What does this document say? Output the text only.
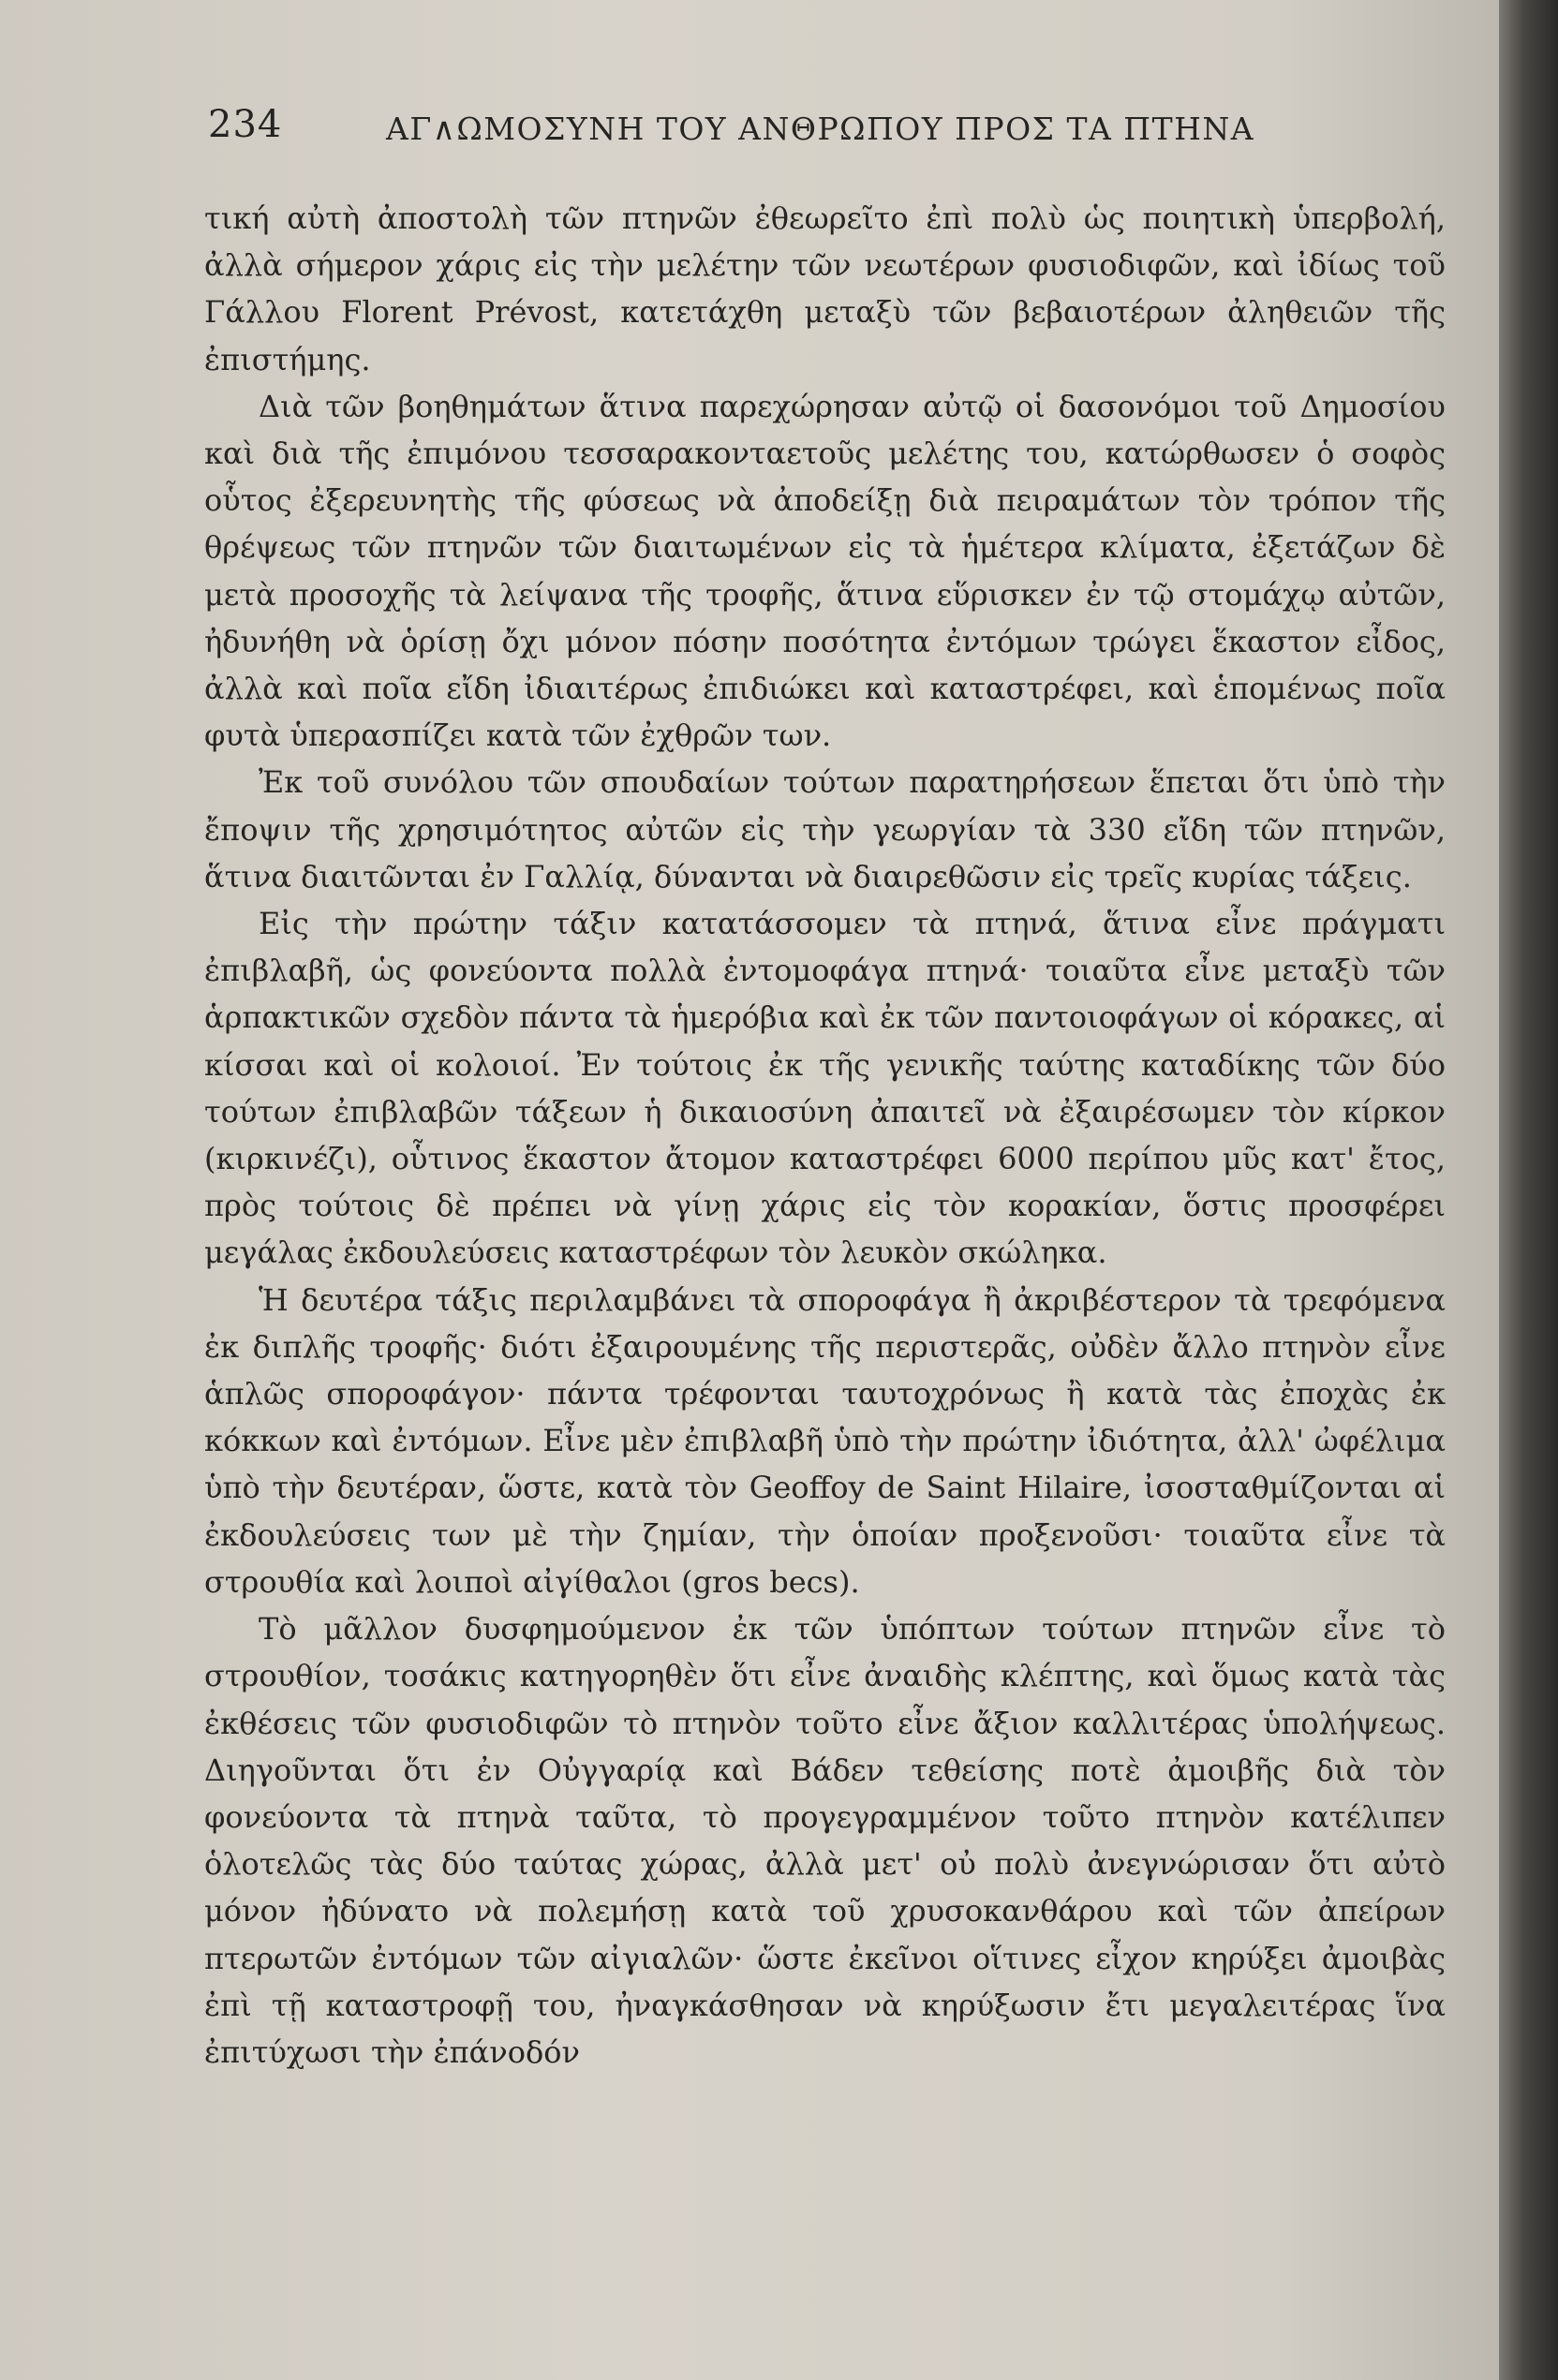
234	ΑΓ∧ΩΜΟΣΥΝΗ ΤΟΥ ΑΝΘΡΩΠΟΥ ΠΡΟΣ ΤΑ ΠΤΗΝΑ

τική αὐτὴ ἀποστολὴ τῶν πτηνῶν ἐθεωρεῖτο ἐπὶ πολὺ ὡς ποιητικὴ ὑπερβολή, ἀλλὰ σήμερον χάρις εἰς τὴν μελέτην τῶν νεωτέρων φυσιοδιφῶν, καὶ ἰδίως τοῦ Γάλλου Florent Prévost, κατετάχθη μεταξὺ τῶν βεβαιοτέρων ἀληθειῶν τῆς ἐπιστήμης.

Διὰ τῶν βοηθημάτων ἅτινα παρεχώρησαν αὐτῷ οἱ δασονόμοι τοῦ Δημοσίου καὶ διὰ τῆς ἐπιμόνου τεσσαρακονταετοῦς μελέτης του, κατώρθωσεν ὁ σοφὸς οὗτος ἐξερευνητὴς τῆς φύσεως νὰ ἀποδείξῃ διὰ πειραμάτων τὸν τρόπον τῆς θρέψεως τῶν πτηνῶν τῶν διαιτωμένων εἰς τὰ ἡμέτερα κλίματα, ἐξετάζων δὲ μετὰ προσοχῆς τὰ λείψανα τῆς τροφῆς, ἅτινα εὕρισκεν ἐν τῷ στομάχῳ αὐτῶν, ἠδυνήθη νὰ ὁρίσῃ ὄχι μόνον πόσην ποσότητα ἐντόμων τρώγει ἕκαστον εἶδος, ἀλλὰ καὶ ποῖα εἴδη ἰδιαιτέρως ἐπιδιώκει καὶ καταστρέφει, καὶ ἑπομένως ποῖα φυτὰ ὑπερασπίζει κατὰ τῶν ἐχθρῶν των.

Ἐκ τοῦ συνόλου τῶν σπουδαίων τούτων παρατηρήσεων ἕπεται ὅτι ὑπὸ τὴν ἔποψιν τῆς χρησιμότητος αὐτῶν εἰς τὴν γεωργίαν τὰ 330 εἴδη τῶν πτηνῶν, ἅτινα διαιτῶνται ἐν Γαλλίᾳ, δύνανται νὰ διαιρεθῶσιν εἰς τρεῖς κυρίας τάξεις.

Εἰς τὴν πρώτην τάξιν κατατάσσομεν τὰ πτηνά, ἅτινα εἶνε πράγματι ἐπιβλαβῆ, ὡς φονεύοντα πολλὰ ἐντομοφάγα πτηνά· τοιαῦτα εἶνε μεταξὺ τῶν ἁρπακτικῶν σχεδὸν πάντα τὰ ἡμερόβια καὶ ἐκ τῶν παντοιοφάγων οἱ κόρακες, αἱ κίσσαι καὶ οἱ κολοιοί. Ἐν τούτοις ἐκ τῆς γενικῆς ταύτης καταδίκης τῶν δύο τούτων ἐπιβλαβῶν τάξεων ἡ δικαιοσύνη ἀπαιτεῖ νὰ ἐξαιρέσωμεν τὸν κίρκον (κιρκινέζι), οὗτινος ἕκαστον ἄτομον καταστρέφει 6000 περίπου μῦς κατ' ἔτος, πρὸς τούτοις δὲ πρέπει νὰ γίνῃ χάρις εἰς τὸν κορακίαν, ὅστις προσφέρει μεγάλας ἐκδουλεύσεις καταστρέφων τὸν λευκὸν σκώληκα.

Ἡ δευτέρα τάξις περιλαμβάνει τὰ σποροφάγα ἢ ἀκριβέστερον τὰ τρεφόμενα ἐκ διπλῆς τροφῆς· διότι ἐξαιρουμένης τῆς περιστερᾶς, οὐδὲν ἄλλο πτηνὸν εἶνε ἁπλῶς σποροφάγον· πάντα τρέφονται ταυτοχρόνως ἢ κατὰ τὰς ἐποχὰς ἐκ κόκκων καὶ ἐντόμων. Εἶνε μὲν ἐπιβλαβῆ ὑπὸ τὴν πρώτην ἰδιότητα, ἀλλ' ὠφέλιμα ὑπὸ τὴν δευτέραν, ὥστε, κατὰ τὸν Geoffoy de Saint Hilaire, ἰσοσταθμίζονται αἱ ἐκδουλεύσεις των μὲ τὴν ζημίαν, τὴν ὁποίαν προξενοῦσι· τοιαῦτα εἶνε τὰ στρουθία καὶ λοιποὶ αἰγίθαλοι (gros becs).

Τὸ μᾶλλον δυσφημούμενον ἐκ τῶν ὑπόπτων τούτων πτηνῶν εἶνε τὸ στρουθίον, τοσάκις κατηγορηθὲν ὅτι εἶνε ἀναιδὴς κλέπτης, καὶ ὅμως κατὰ τὰς ἐκθέσεις τῶν φυσιοδιφῶν τὸ πτηνὸν τοῦτο εἶνε ἄξιον καλλιτέρας ὑπολήψεως. Διηγοῦνται ὅτι ἐν Οὐγγαρίᾳ καὶ Βάδεν τεθείσης ποτὲ ἀμοιβῆς διὰ τὸν φονεύοντα τὰ πτηνὰ ταῦτα, τὸ προγεγραμμένον τοῦτο πτηνὸν κατέλιπεν ὁλοτελῶς τὰς δύο ταύτας χώρας, ἀλλὰ μετ' οὐ πολὺ ἀνεγνώρισαν ὅτι αὐτὸ μόνον ἠδύνατο νὰ πολεμήσῃ κατὰ τοῦ χρυσοκανθάρου καὶ τῶν ἀπείρων πτερωτῶν ἐντόμων τῶν αἰγιαλῶν· ὥστε ἐκεῖνοι οἵτινες εἶχον κηρύξει ἀμοιβὰς ἐπὶ τῇ καταστροφῇ του, ἠναγκάσθησαν νὰ κηρύξωσιν ἔτι μεγαλειτέρας ἵνα ἐπιτύχωσι τὴν ἐπάνοδόν
